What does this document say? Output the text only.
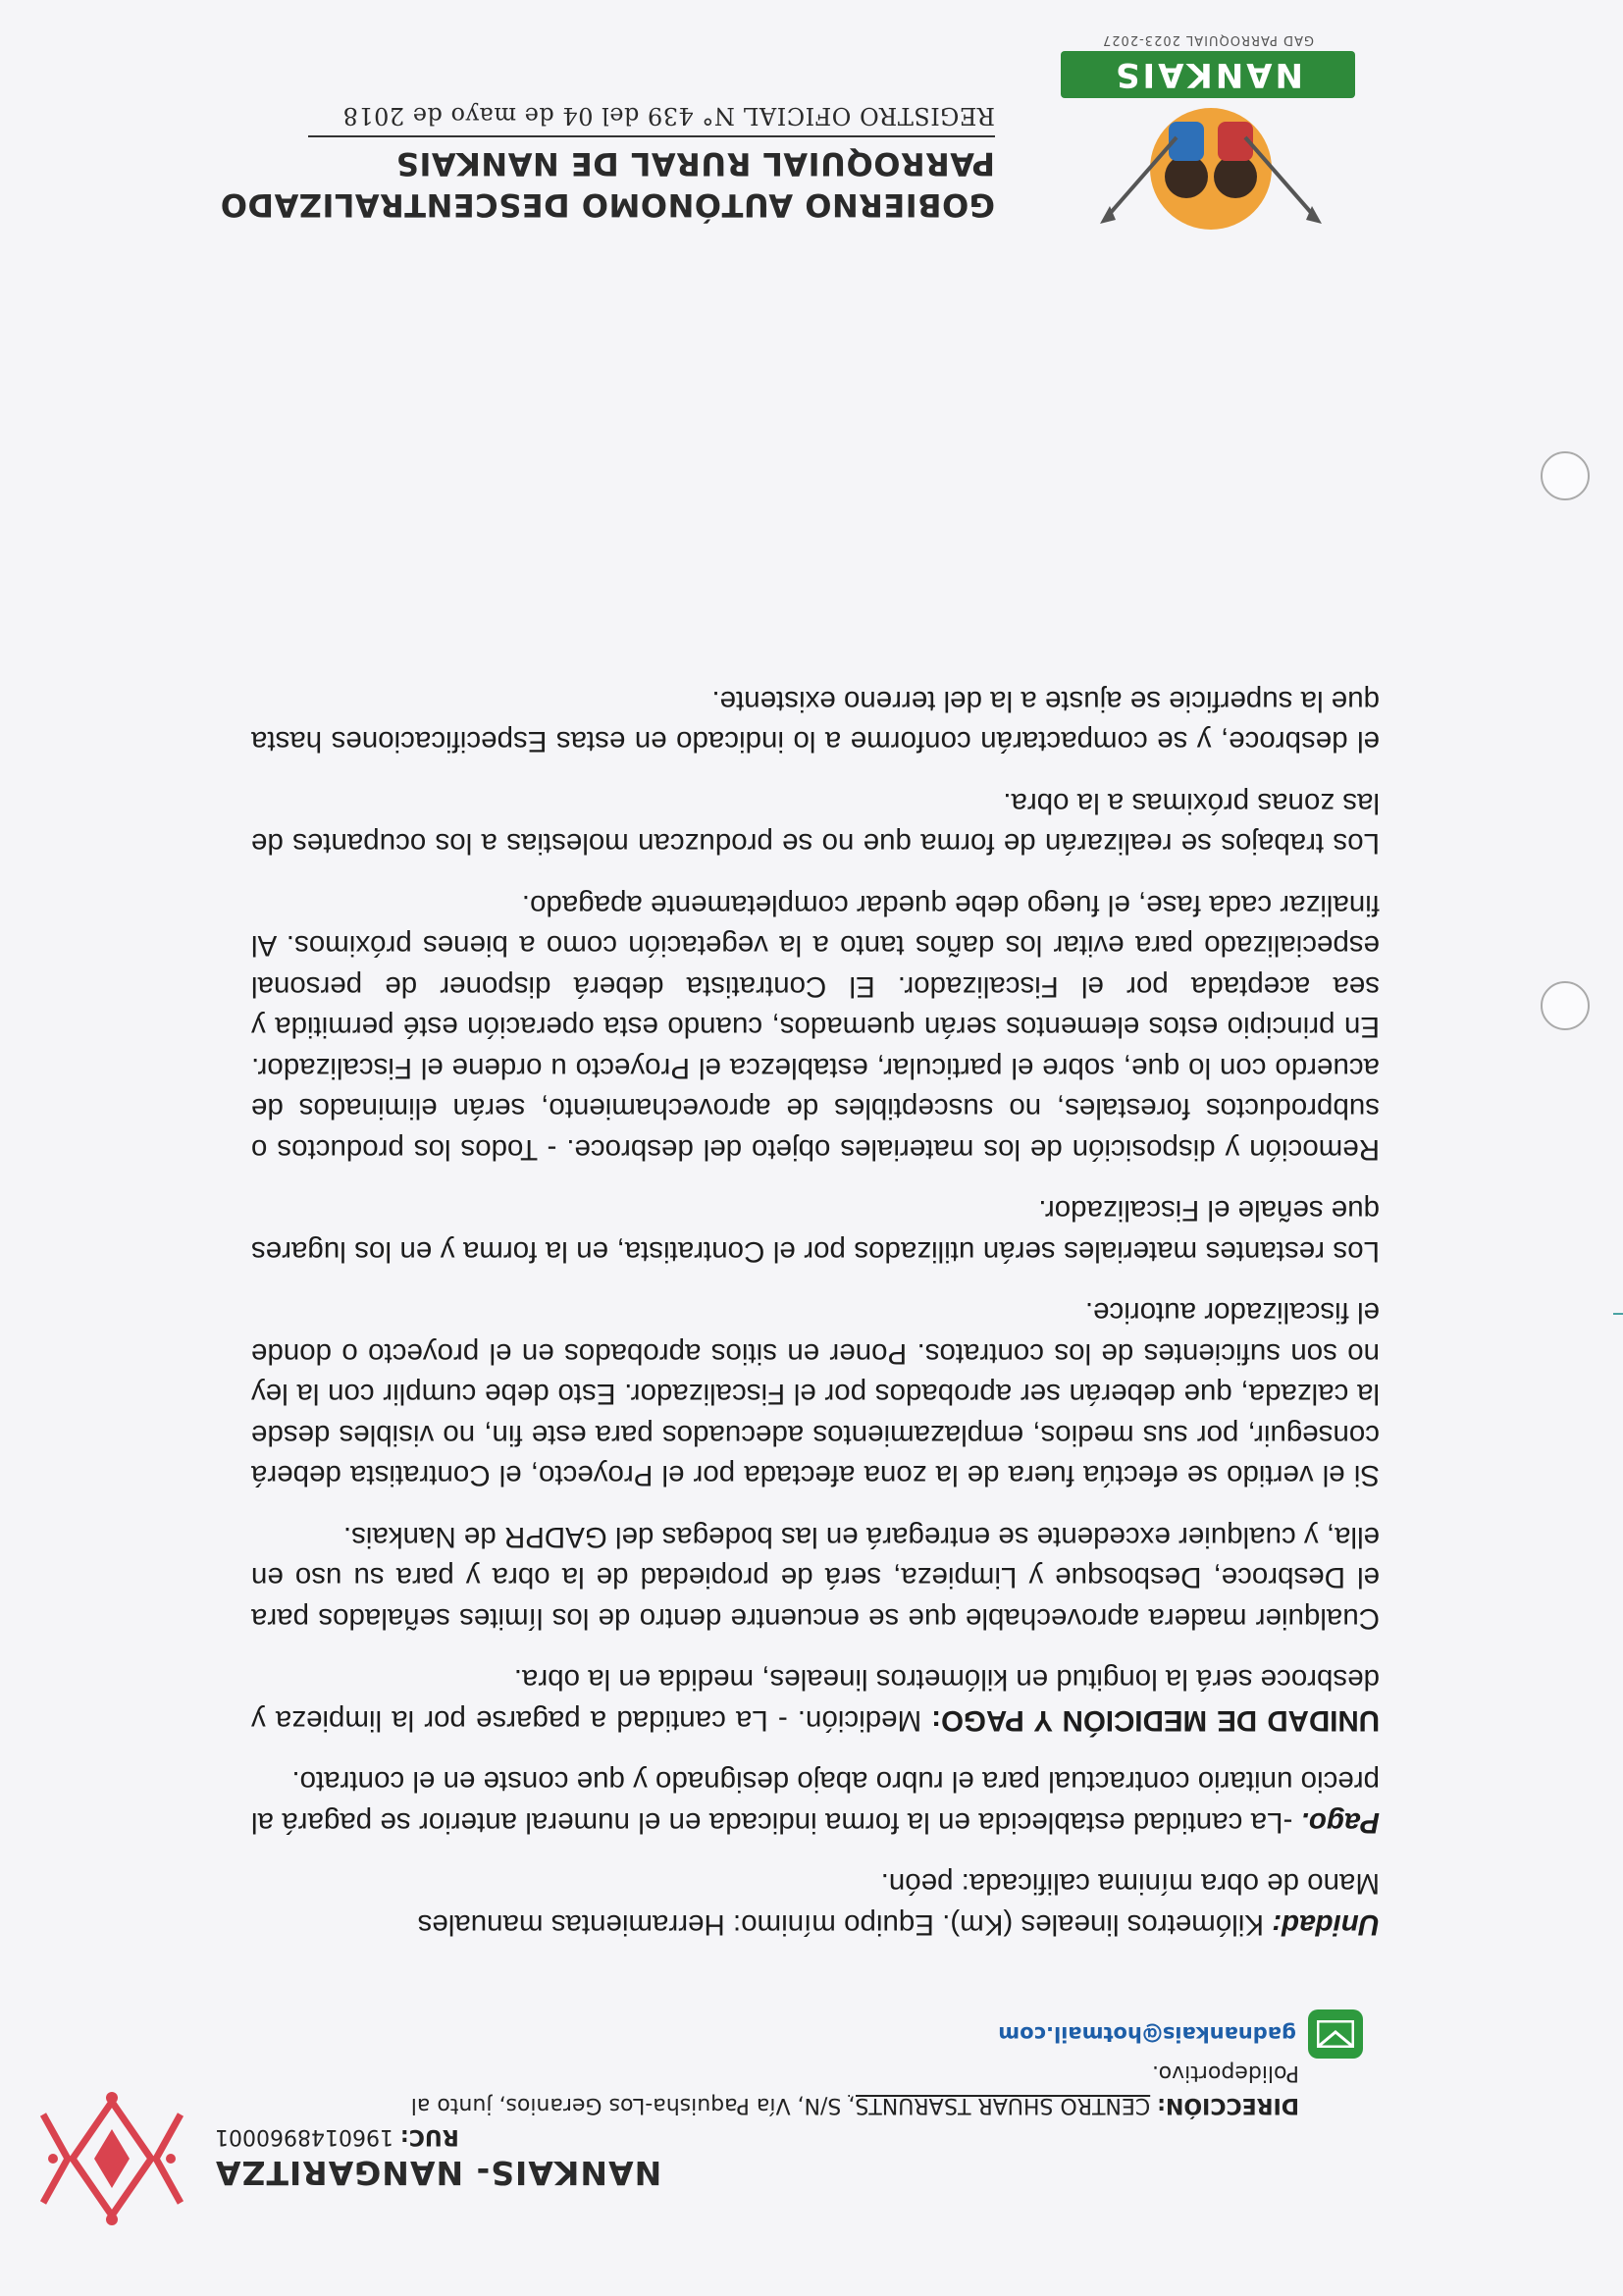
NANKAIS- NANGARITZA
RUC: 1960148960001
DIRECCIÓN: CENTRO SHUAR TSARUNTS, S/N, Vía Paquisha-Los Geranios, junto al
Polideportivo.
gadnankais@hotmail.com

Unidad: Kilómetros lineales (Km). Equipo mínimo: Herramientas manuales
Mano de obra mínima calificada: peón.

Pago. -La cantidad establecida en la forma indicada en el numeral anterior se pagará al precio unitario contractual para el rubro abajo designado y que conste en el contrato.

UNIDAD DE MEDICIÓN Y PAGO: Medición. - La cantidad a pagarse por la limpieza y desbroce será la longitud en kilómetros lineales, medida en la obra.

Cualquier madera aprovechable que se encuentre dentro de los límites señalados para el Desbroce, Desbosque y Limpieza, será de propiedad de la obra y para su uso en ella, y cualquier excedente se entregará en las bodegas del GADPR de Nankais.

Si el vertido se efectúa fuera de la zona afectada por el Proyecto, el Contratista deberá conseguir, por sus medios, emplazamientos adecuados para este fin, no visibles desde la calzada, que deberán ser aprobados por el Fiscalizador. Esto debe cumplir con la ley no son suficientes de los contratos. Poner en sitios aprobados en el proyecto o donde el fiscalizador autorice.

Los restantes materiales serán utilizados por el Contratista, en la forma y en los lugares que señale el Fiscalizador.

Remoción y disposición de los materiales objeto del desbroce. - Todos los productos o subproductos forestales, no susceptibles de aprovechamiento, serán eliminados de acuerdo con lo que, sobre el particular, establezca el Proyecto u ordene el Fiscalizador. En principio estos elementos serán quemados, cuando esta operación esté permitida y sea aceptada por el Fiscalizador. El Contratista deberá disponer de personal especializado para evitar los daños tanto a la vegetación como a bienes próximos. Al finalizar cada fase, el fuego debe quedar completamente apagado.

Los trabajos se realizarán de forma que no se produzcan molestias a los ocupantes de las zonas próximas a la obra.

el desbroce, y se compactarán conforme a lo indicado en estas Especificaciones hasta que la superficie se ajuste a la del terreno existente.

GOBIERNO AUTÓNOMO DESCENTRALIZADO
PARROQUIAL RURAL DE NANKAIS
REGISTRO OFICIAL N° 439 del 04 de mayo de 2018
NANKAIS
GAD PARROQUIAL 2023-2027
